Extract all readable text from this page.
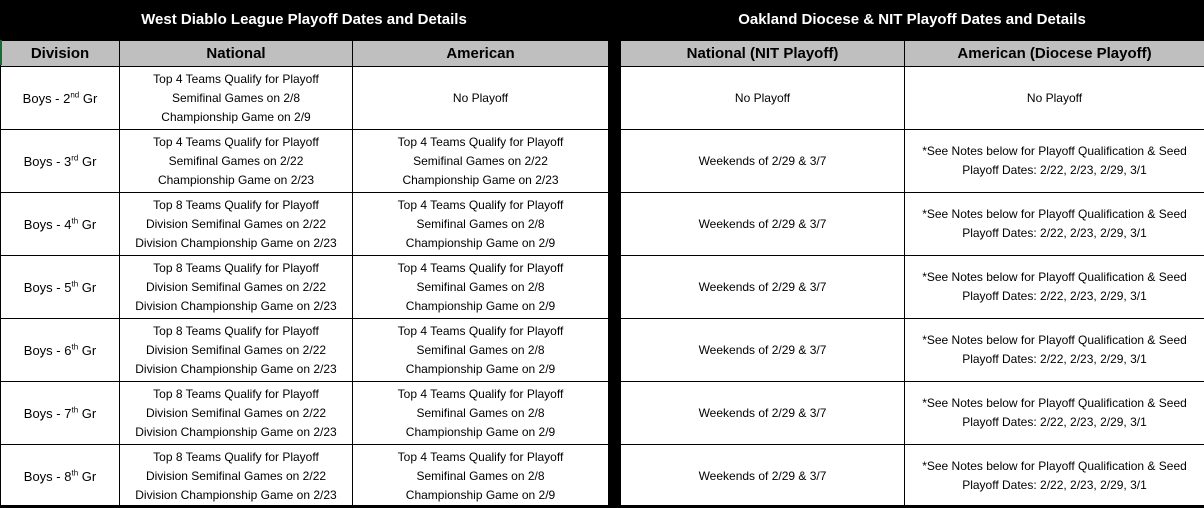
West Diablo League Playoff Dates and Details
Division	National	American
Boys - 2nd Gr	Top 4 Teams Qualify for Playoff
Semifinal Games on 2/8
Championship Game on 2/9	No Playoff

Boys - 3rd Gr	Top 4 Teams Qualify for Playoff
Semifinal Games on 2/22
Championship Game on 2/23	Top 4 Teams Qualify for Playoff
Semifinal Games on 2/22
Championship Game on 2/23

Boys - 4th Gr	Top 8 Teams Qualify for Playoff
Division Semifinal Games on 2/22
Division Championship Game on 2/23	Top 4 Teams Qualify for Playoff
Semifinal Games on 2/8
Championship Game on 2/9

Boys - 5th Gr	Top 8 Teams Qualify for Playoff
Division Semifinal Games on 2/22
Division Championship Game on 2/23	Top 4 Teams Qualify for Playoff
Semifinal Games on 2/8
Championship Game on 2/9

Boys - 6th Gr	Top 8 Teams Qualify for Playoff
Division Semifinal Games on 2/22
Division Championship Game on 2/23	Top 4 Teams Qualify for Playoff
Semifinal Games on 2/8
Championship Game on 2/9

Boys - 7th Gr	Top 8 Teams Qualify for Playoff
Division Semifinal Games on 2/22
Division Championship Game on 2/23	Top 4 Teams Qualify for Playoff
Semifinal Games on 2/8
Championship Game on 2/9

Boys - 8th Gr	Top 8 Teams Qualify for Playoff
Division Semifinal Games on 2/22
Division Championship Game on 2/23	Top 4 Teams Qualify for Playoff
Semifinal Games on 2/8
Championship Game on 2/9
Oakland Diocese & NIT Playoff Dates and Details
National (NIT Playoff)	American (Diocese Playoff)

No Playoff	No Playoff

Weekends of 2/29 & 3/7	*See Notes below for Playoff Qualification & Seed
Playoff Dates: 2/22, 2/23, 2/29, 3/1

Weekends of 2/29 & 3/7	*See Notes below for Playoff Qualification & Seed
Playoff Dates: 2/22, 2/23, 2/29, 3/1

Weekends of 2/29 & 3/7	*See Notes below for Playoff Qualification & Seed
Playoff Dates: 2/22, 2/23, 2/29, 3/1

Weekends of 2/29 & 3/7	*See Notes below for Playoff Qualification & Seed
Playoff Dates: 2/22, 2/23, 2/29, 3/1

Weekends of 2/29 & 3/7	*See Notes below for Playoff Qualification & Seed
Playoff Dates: 2/22, 2/23, 2/29, 3/1

Weekends of 2/29 & 3/7	*See Notes below for Playoff Qualification & Seed
Playoff Dates: 2/22, 2/23, 2/29, 3/1
